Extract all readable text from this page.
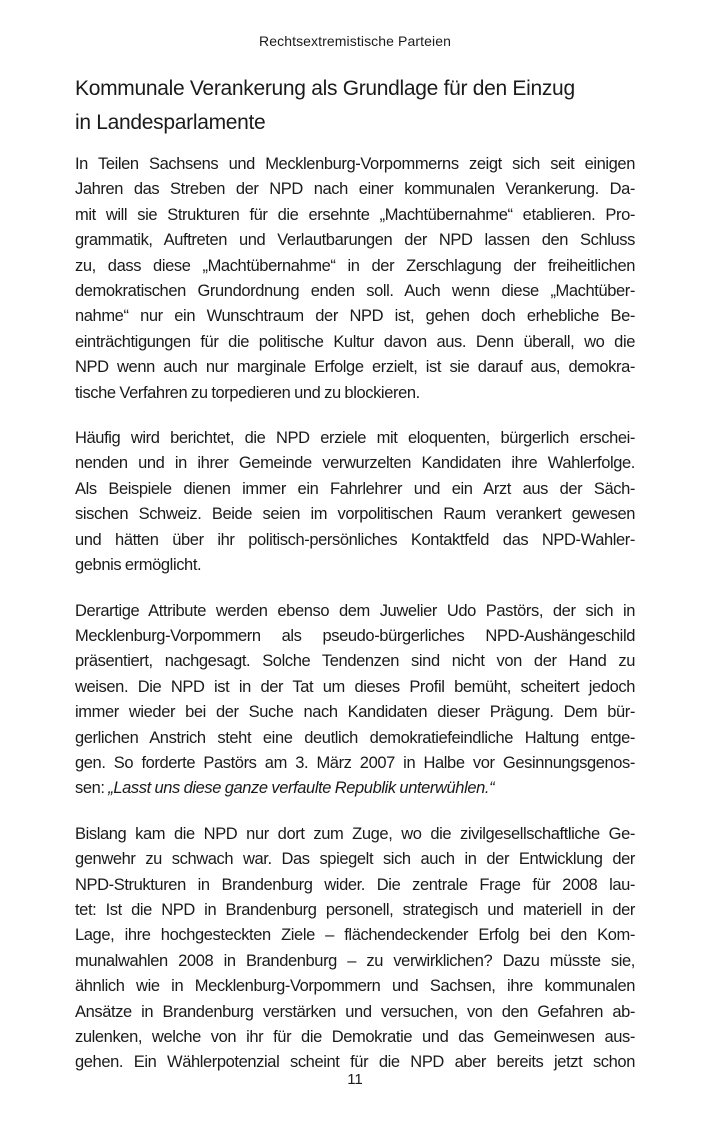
Rechtsextremistische Parteien
Kommunale Verankerung als Grundlage für den Einzug
in Landesparlamente
In Teilen Sachsens und Mecklenburg-Vorpommerns zeigt sich seit einigen
Jahren das Streben der NPD nach einer kommunalen Verankerung. Da-
mit will sie Strukturen für die ersehnte „Machtübernahme“ etablieren. Pro-
grammatik, Auftreten und Verlautbarungen der NPD lassen den Schluss
zu, dass diese „Machtübernahme“ in der Zerschlagung der freiheitlichen
demokratischen Grundordnung enden soll. Auch wenn diese „Machtüber-
nahme“ nur ein Wunschtraum der NPD ist, gehen doch erhebliche Be-
einträchtigungen für die politische Kultur davon aus. Denn überall, wo die
NPD wenn auch nur marginale Erfolge erzielt, ist sie darauf aus, demokra-
tische Verfahren zu torpedieren und zu blockieren.
Häufig wird berichtet, die NPD erziele mit eloquenten, bürgerlich erschei-
nenden und in ihrer Gemeinde verwurzelten Kandidaten ihre Wahlerfolge.
Als Beispiele dienen immer ein Fahrlehrer und ein Arzt aus der Säch-
sischen Schweiz. Beide seien im vorpolitischen Raum verankert gewesen
und hätten über ihr politisch-persönliches Kontaktfeld das NPD-Wahler-
gebnis ermöglicht.
Derartige Attribute werden ebenso dem Juwelier Udo Pastörs, der sich in
Mecklenburg-Vorpommern als pseudo-bürgerliches NPD-Aushängeschild
präsentiert, nachgesagt. Solche Tendenzen sind nicht von der Hand zu
weisen. Die NPD ist in der Tat um dieses Profil bemüht, scheitert jedoch
immer wieder bei der Suche nach Kandidaten dieser Prägung. Dem bür-
gerlichen Anstrich steht eine deutlich demokratiefeindliche Haltung entge-
gen. So forderte Pastörs am 3. März 2007 in Halbe vor Gesinnungsgenos-
sen: „Lasst uns diese ganze verfaulte Republik unterwühlen.“
Bislang kam die NPD nur dort zum Zuge, wo die zivilgesellschaftliche Ge-
genwehr zu schwach war. Das spiegelt sich auch in der Entwicklung der
NPD-Strukturen in Brandenburg wider. Die zentrale Frage für 2008 lau-
tet: Ist die NPD in Brandenburg personell, strategisch und materiell in der
Lage, ihre hochgesteckten Ziele – flächendeckender Erfolg bei den Kom-
munalwahlen 2008 in Brandenburg – zu verwirklichen? Dazu müsste sie,
ähnlich wie in Mecklenburg-Vorpommern und Sachsen, ihre kommunalen
Ansätze in Brandenburg verstärken und versuchen, von den Gefahren ab-
zulenken, welche von ihr für die Demokratie und das Gemeinwesen aus-
gehen. Ein Wählerpotenzial scheint für die NPD aber bereits jetzt schon
11
